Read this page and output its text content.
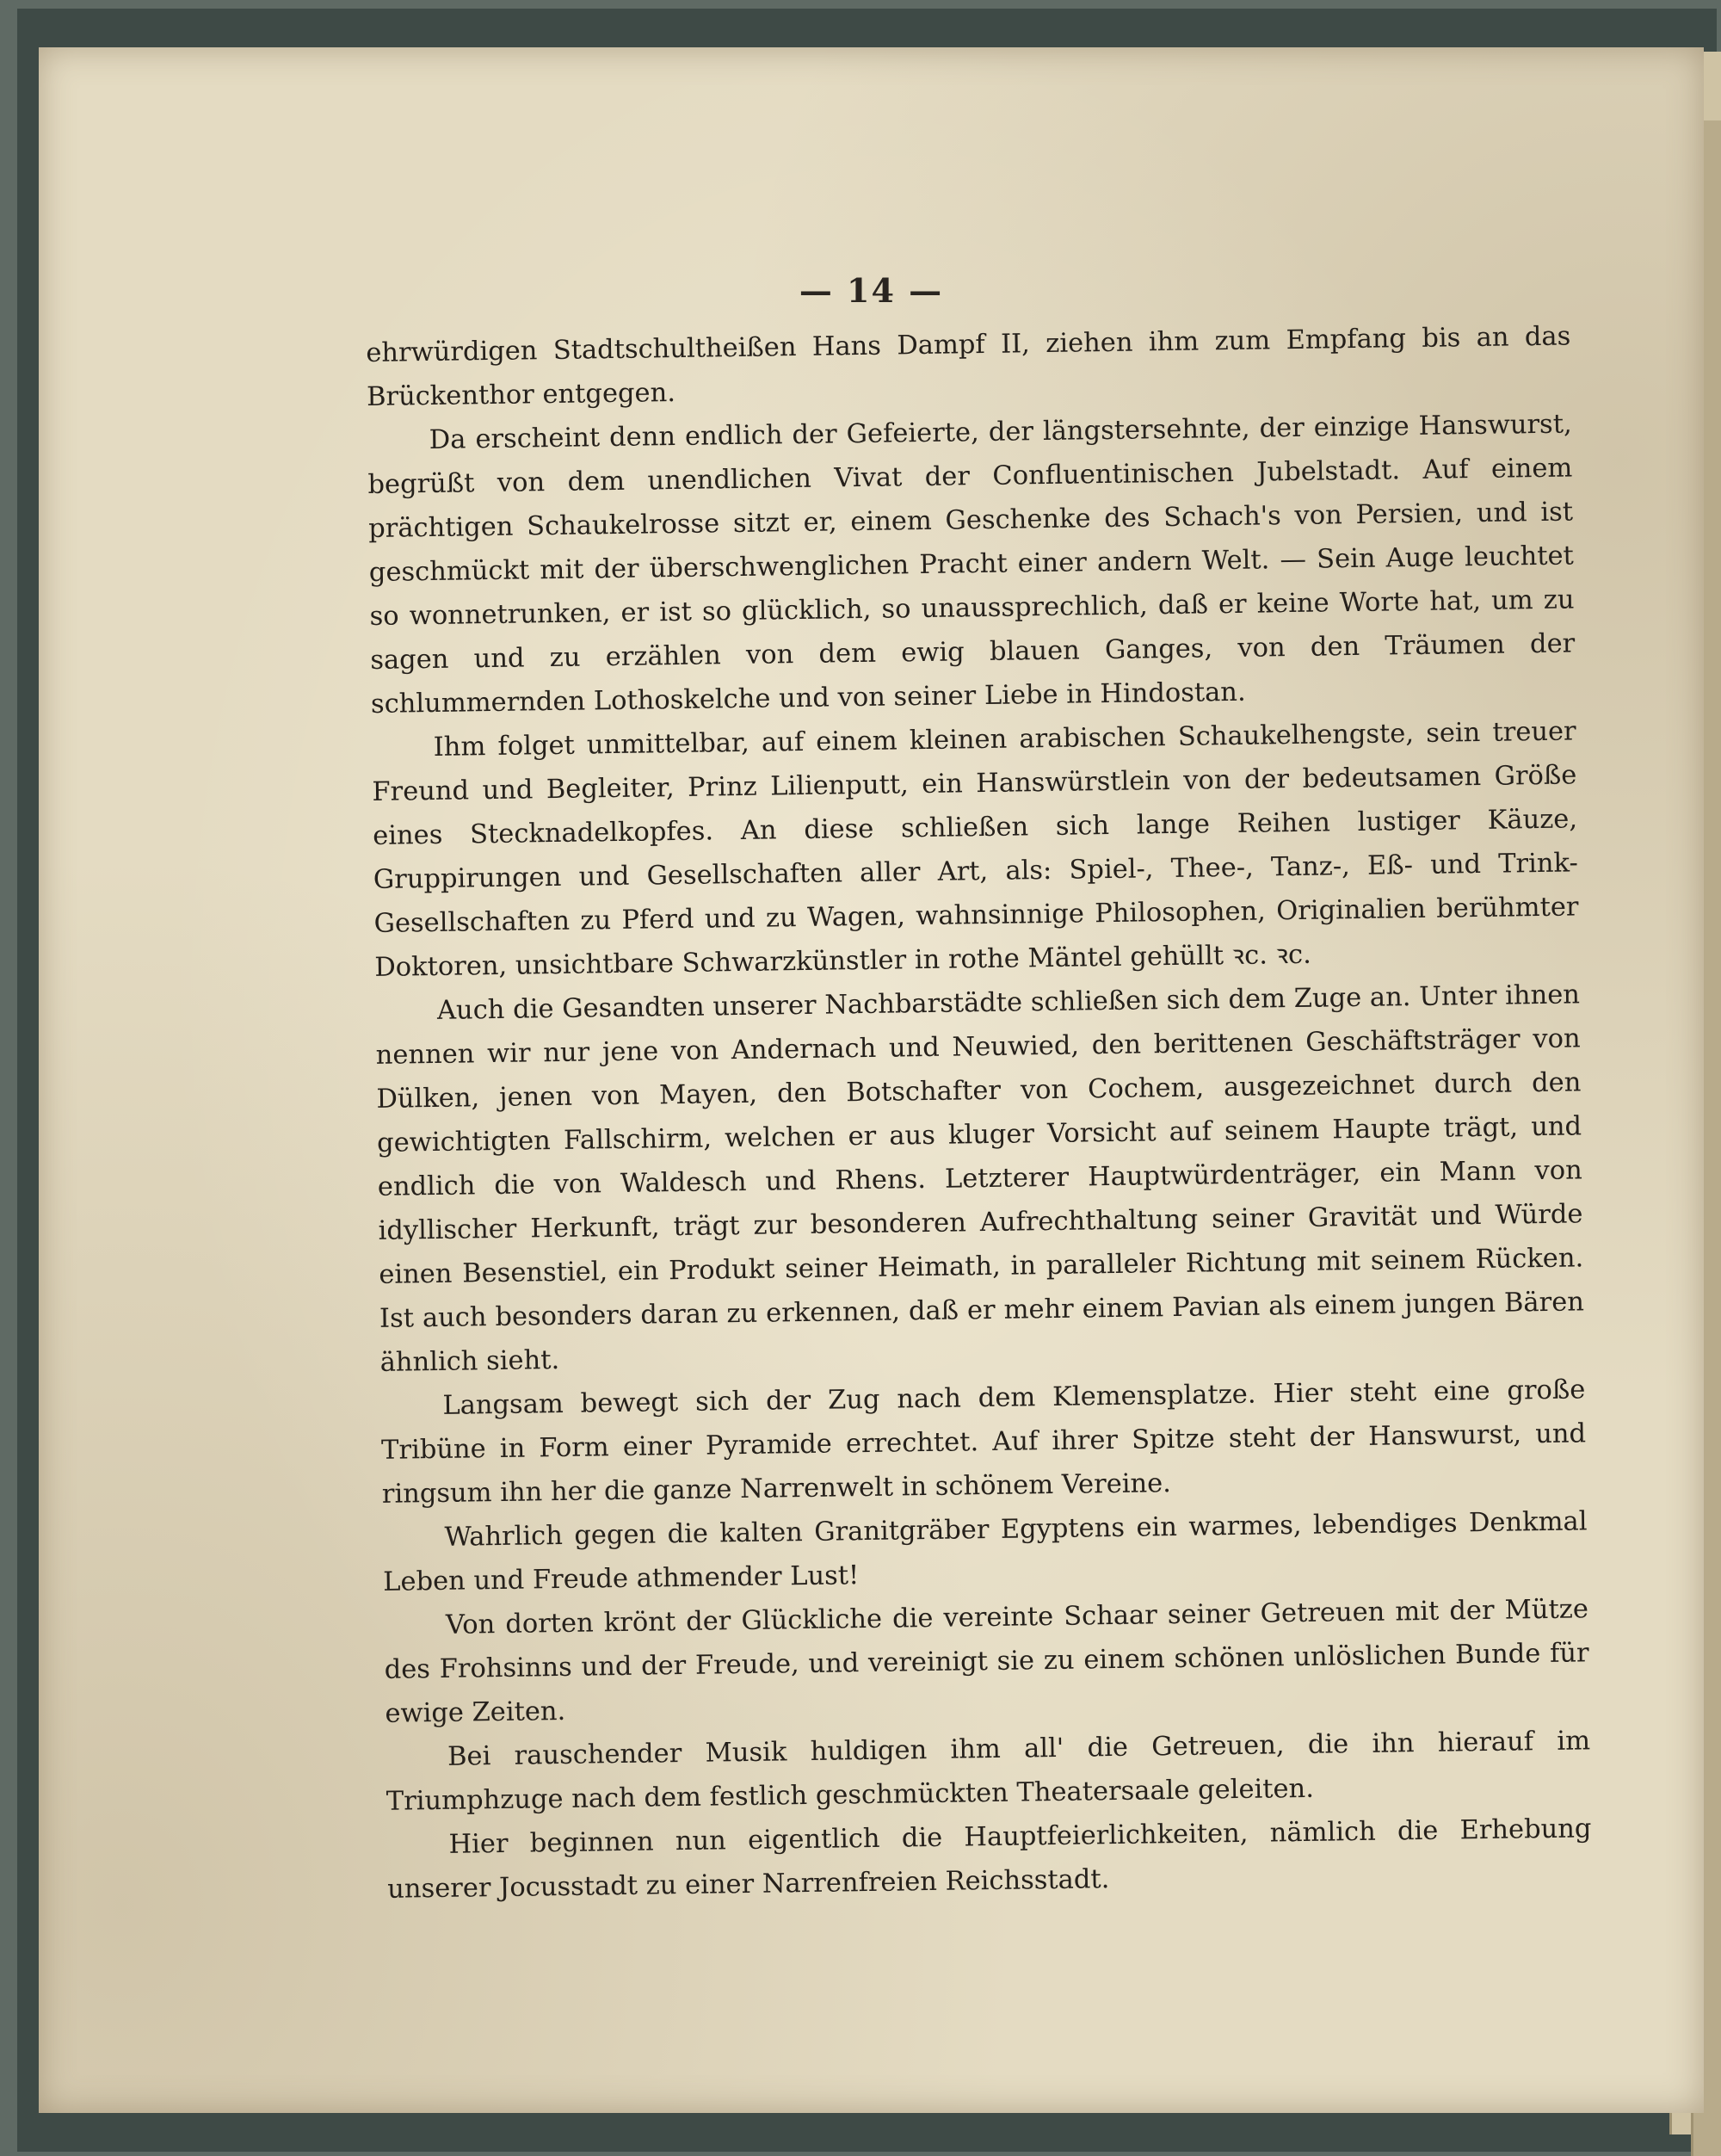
— 14 —

ehrwürdigen Stadtschultheißen Hans Dampf II, ziehen ihm zum Empfang bis an das Brückenthor entgegen.

Da erscheint denn endlich der Gefeierte, der längstersehnte, der einzige Hanswurst, begrüßt von dem unendlichen Vivat der Confluentinischen Jubelstadt. Auf einem prächtigen Schaukelrosse sitzt er, einem Geschenke des Schach's von Persien, und ist geschmückt mit der überschwenglichen Pracht einer andern Welt. — Sein Auge leuchtet so wonnetrunken, er ist so glücklich, so unaussprechlich, daß er keine Worte hat, um zu sagen und zu erzählen von dem ewig blauen Ganges, von den Träumen der schlummernden Lothoskelche und von seiner Liebe in Hindostan.

Ihm folget unmittelbar, auf einem kleinen arabischen Schaukelhengste, sein treuer Freund und Begleiter, Prinz Lilienputt, ein Hanswürstlein von der bedeutsamen Größe eines Stecknadelkopfes. An diese schließen sich lange Reihen lustiger Käuze, Gruppirungen und Gesellschaften aller Art, als: Spiel-, Thee-, Tanz-, Eß- und Trink-Gesellschaften zu Pferd und zu Wagen, wahnsinnige Philosophen, Originalien berühmter Doktoren, unsichtbare Schwarzkünstler in rothe Mäntel gehüllt ꝛc. ꝛc.

Auch die Gesandten unserer Nachbarstädte schließen sich dem Zuge an. Unter ihnen nennen wir nur jene von Andernach und Neuwied, den berittenen Geschäftsträger von Dülken, jenen von Mayen, den Botschafter von Cochem, ausgezeichnet durch den gewichtigten Fallschirm, welchen er aus kluger Vorsicht auf seinem Haupte trägt, und endlich die von Waldesch und Rhens. Letzterer Hauptwürdenträger, ein Mann von idyllischer Herkunft, trägt zur besonderen Aufrechthaltung seiner Gravität und Würde einen Besenstiel, ein Produkt seiner Heimath, in paralleler Richtung mit seinem Rücken. Ist auch besonders daran zu erkennen, daß er mehr einem Pavian als einem jungen Bären ähnlich sieht.

Langsam bewegt sich der Zug nach dem Klemensplatze. Hier steht eine große Tribüne in Form einer Pyramide errechtet. Auf ihrer Spitze steht der Hanswurst, und ringsum ihn her die ganze Narrenwelt in schönem Vereine.

Wahrlich gegen die kalten Granitgräber Egyptens ein warmes, lebendiges Denkmal Leben und Freude athmender Lust!

Von dorten krönt der Glückliche die vereinte Schaar seiner Getreuen mit der Mütze des Frohsinns und der Freude, und vereinigt sie zu einem schönen unlöslichen Bunde für ewige Zeiten.

Bei rauschender Musik huldigen ihm all' die Getreuen, die ihn hierauf im Triumphzuge nach dem festlich geschmückten Theatersaale geleiten.

Hier beginnen nun eigentlich die Hauptfeierlichkeiten, nämlich die Erhebung unserer Jocusstadt zu einer Narrenfreien Reichsstadt.
